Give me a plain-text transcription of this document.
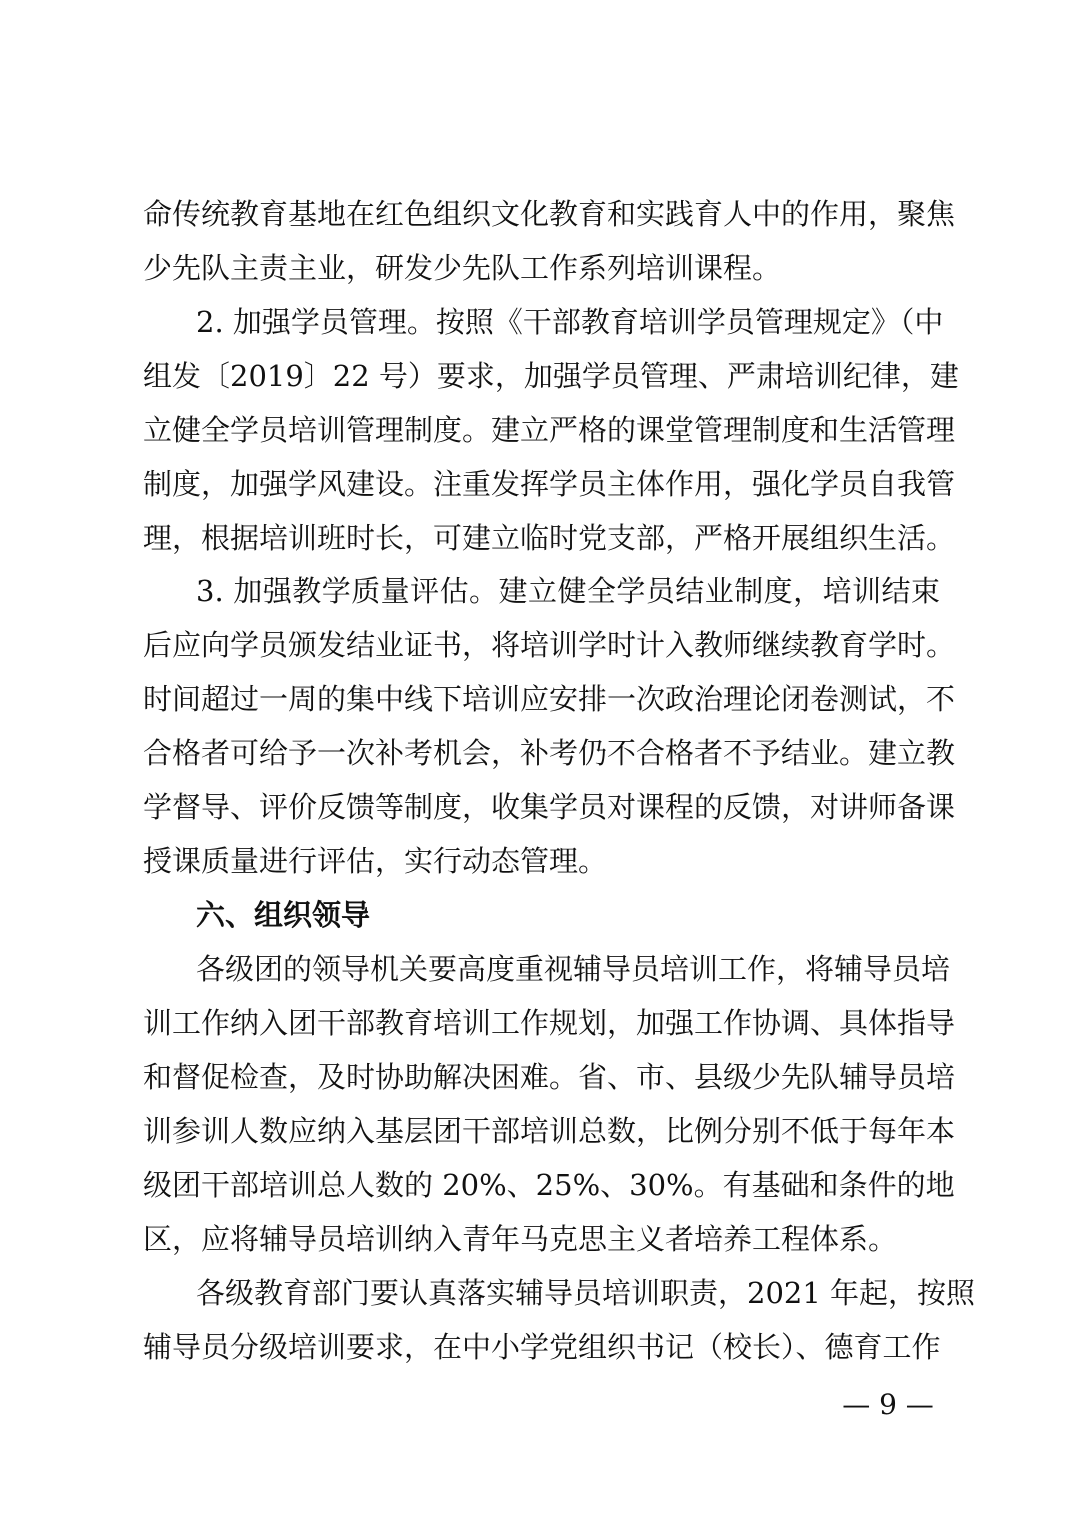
命传统教育基地在红色组织文化教育和实践育人中的作用，聚焦
少先队主责主业，研发少先队工作系列培训课程。
2. 加强学员管理。按照《干部教育培训学员管理规定》（中
组发〔2019〕22 号）要求，加强学员管理、严肃培训纪律，建
立健全学员培训管理制度。建立严格的课堂管理制度和生活管理
制度，加强学风建设。注重发挥学员主体作用，强化学员自我管
理，根据培训班时长，可建立临时党支部，严格开展组织生活。
3. 加强教学质量评估。建立健全学员结业制度，培训结束
后应向学员颁发结业证书，将培训学时计入教师继续教育学时。
时间超过一周的集中线下培训应安排一次政治理论闭卷测试，不
合格者可给予一次补考机会，补考仍不合格者不予结业。建立教
学督导、评价反馈等制度，收集学员对课程的反馈，对讲师备课
授课质量进行评估，实行动态管理。
六、组织领导
各级团的领导机关要高度重视辅导员培训工作，将辅导员培
训工作纳入团干部教育培训工作规划，加强工作协调、具体指导
和督促检查，及时协助解决困难。省、市、县级少先队辅导员培
训参训人数应纳入基层团干部培训总数，比例分别不低于每年本
级团干部培训总人数的 20%、25%、30%。有基础和条件的地
区，应将辅导员培训纳入青年马克思主义者培养工程体系。
各级教育部门要认真落实辅导员培训职责，2021 年起，按照
辅导员分级培训要求，在中小学党组织书记（校长）、德育工作
— 9 —
